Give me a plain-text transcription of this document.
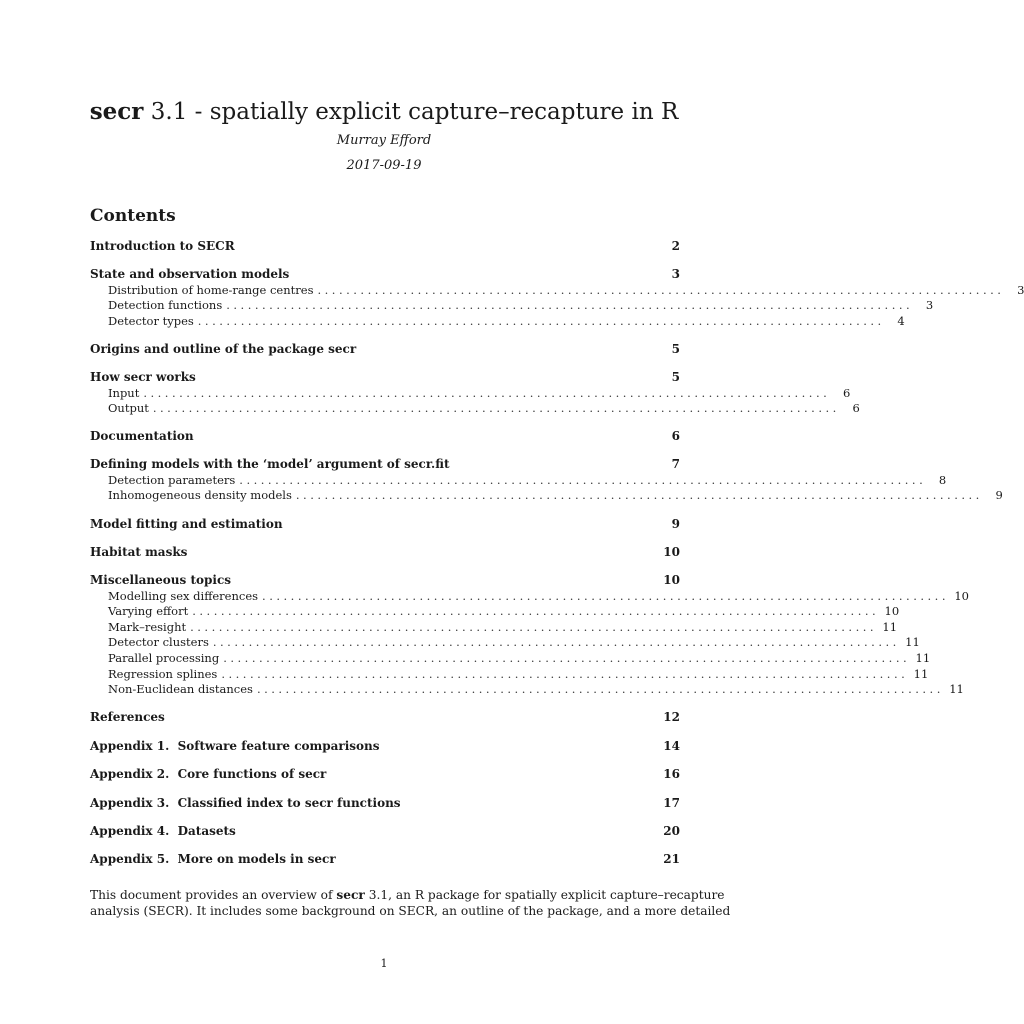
secr 3.1 - spatially explicit capture–recapture in R
Murray Efford
2017-09-19
Contents
Introduction to SECR	2
State and observation models	3
Distribution of home-range centres ................................................................................................	3
Detection functions ................................................................................................	3
Detector types ................................................................................................	4
Origins and outline of the package secr	5
How secr works	5
Input ................................................................................................	6
Output ................................................................................................	6
Documentation	6
Defining models with the ‘model’ argument of secr.fit	7
Detection parameters ................................................................................................	8
Inhomogeneous density models ................................................................................................	9
Model fitting and estimation	9
Habitat masks	10
Miscellaneous topics	10
Modelling sex differences ................................................................................................ 10
Varying effort ................................................................................................ 10
Mark–resight ................................................................................................ 11
Detector clusters ................................................................................................ 11
Parallel processing ................................................................................................ 11
Regression splines ................................................................................................ 11
Non-Euclidean distances ................................................................................................ 11
References	12
Appendix 1.  Software feature comparisons	14
Appendix 2.  Core functions of secr	16
Appendix 3.  Classified index to secr functions	17
Appendix 4.  Datasets	20
Appendix 5.  More on models in secr	21

This document provides an overview of secr 3.1, an R package for spatially explicit capture–recapture

analysis (SECR). It includes some background on SECR, an outline of the package, and a more detailed

1
